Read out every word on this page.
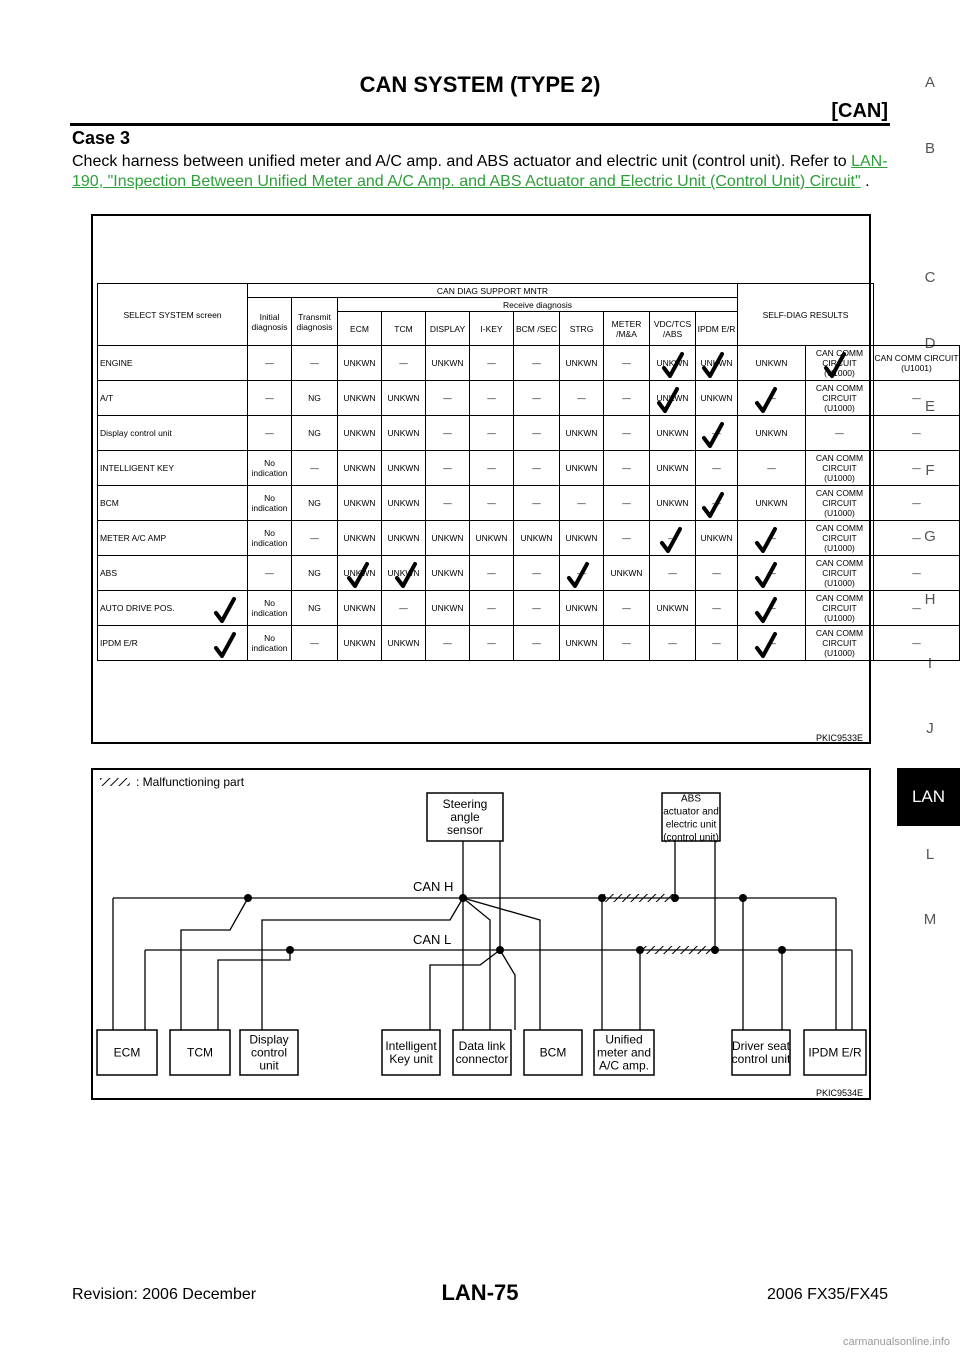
CAN SYSTEM (TYPE 2)
[CAN]
Case 3
Check harness between unified meter and A/C amp. and ABS actuator and electric unit (control unit). Refer to LAN-190, "Inspection Between Unified Meter and A/C Amp. and ABS Actuator and Electric Unit (Control Unit) Circuit" .
A
B
C
D
E
F
G
H
I
J
L
M
LAN
SELECT SYSTEM screen	CAN DIAG SUPPORT MNTR											SELF-DIAG RESULTS		
	Initial diagnosis	Transmit diagnosis	Receive diagnosis											
			ECM	TCM	DISPLAY	I-KEY	BCM /SEC	STRG	METER /M&A	VDC/TCS /ABS	IPDM E/R			
ENGINE	—	—	UNKWN	—	UNKWN	—	—	UNKWN	—	UNKWN	UNKWN	UNKWN	CAN COMM CIRCUIT (U1000)	CAN COMM CIRCUIT (U1001)
A/T	—	NG	UNKWN	UNKWN	—	—	—	—	—	UNKWN	UNKWN	—	CAN COMM CIRCUIT (U1000)	—
Display control unit	—	NG	UNKWN	UNKWN	—	—	—	UNKWN	—	UNKWN	—	UNKWN	—	—
INTELLIGENT KEY	No indication	—	UNKWN	UNKWN	—	—	—	UNKWN	—	UNKWN	—	—	CAN COMM CIRCUIT (U1000)	—
BCM	No indication	NG	UNKWN	UNKWN	—	—	—	—	—	UNKWN	—	UNKWN	CAN COMM CIRCUIT (U1000)	—
METER A/C AMP	No indication	—	UNKWN	UNKWN	UNKWN	UNKWN	UNKWN	UNKWN	—	—	UNKWN	—	CAN COMM CIRCUIT (U1000)	—
ABS	—	NG	UNKWN	UNKWN	UNKWN	—	—	—	UNKWN	—	—	—	CAN COMM CIRCUIT (U1000)	—
AUTO DRIVE POS.	No indication	NG	UNKWN	—	UNKWN	—	—	UNKWN	—	UNKWN	—	—	CAN COMM CIRCUIT (U1000)	—
IPDM E/R	No indication	—	UNKWN	UNKWN	—	—	—	UNKWN	—	—	—	—	CAN COMM CIRCUIT (U1000)	—
PKIC9533E
: Malfunctioning part
CAN H
CAN L
Steering
angle
sensor
ABS
actuator and
electric unit
(control unit)
ECM	TCM
Display
control
unit
Intelligent
Key unit
Data link
connector	BCM
Unified
meter and
A/C amp.
Driver seat
control unit IPDM E/R
PKIC9534E
Revision: 2006 December	LAN-75	2006 FX35/FX45
carmanualsonline.info
